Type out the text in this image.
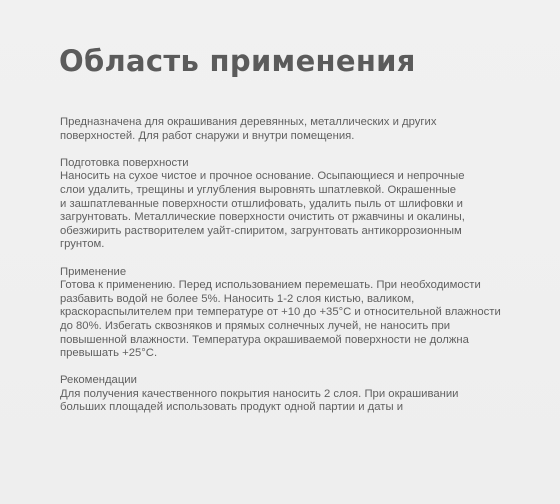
Область применения
Предназначена для окрашивания деревянных, металлических и других
поверхностей. Для работ снаружи и внутри помещения.
Подготовка поверхности
Наносить на сухое чистое и прочное основание. Осыпающиеся и непрочные
слои удалить, трещины и углубления выровнять шпатлевкой. Окрашенные
и зашпатлеванные поверхности отшлифовать, удалить пыль от шлифовки и
загрунтовать. Металлические поверхности очистить от ржавчины и окалины,
обезжирить растворителем уайт-спиритом, загрунтовать антикоррозионным
грунтом.
Применение
Готова к применению. Перед использованием перемешать. При необходимости
разбавить водой не более 5%. Наносить 1-2 слоя кистью, валиком,
краскораспылителем при температуре от +10 до +35°С и относительной влажности
до 80%. Избегать сквозняков и прямых солнечных лучей, не наносить при
повышенной влажности. Температура окрашиваемой поверхности не должна
превышать +25°С.
Рекомендации
Для получения качественного покрытия наносить 2 слоя. При окрашивании
больших площадей использовать продукт одной партии и даты и
